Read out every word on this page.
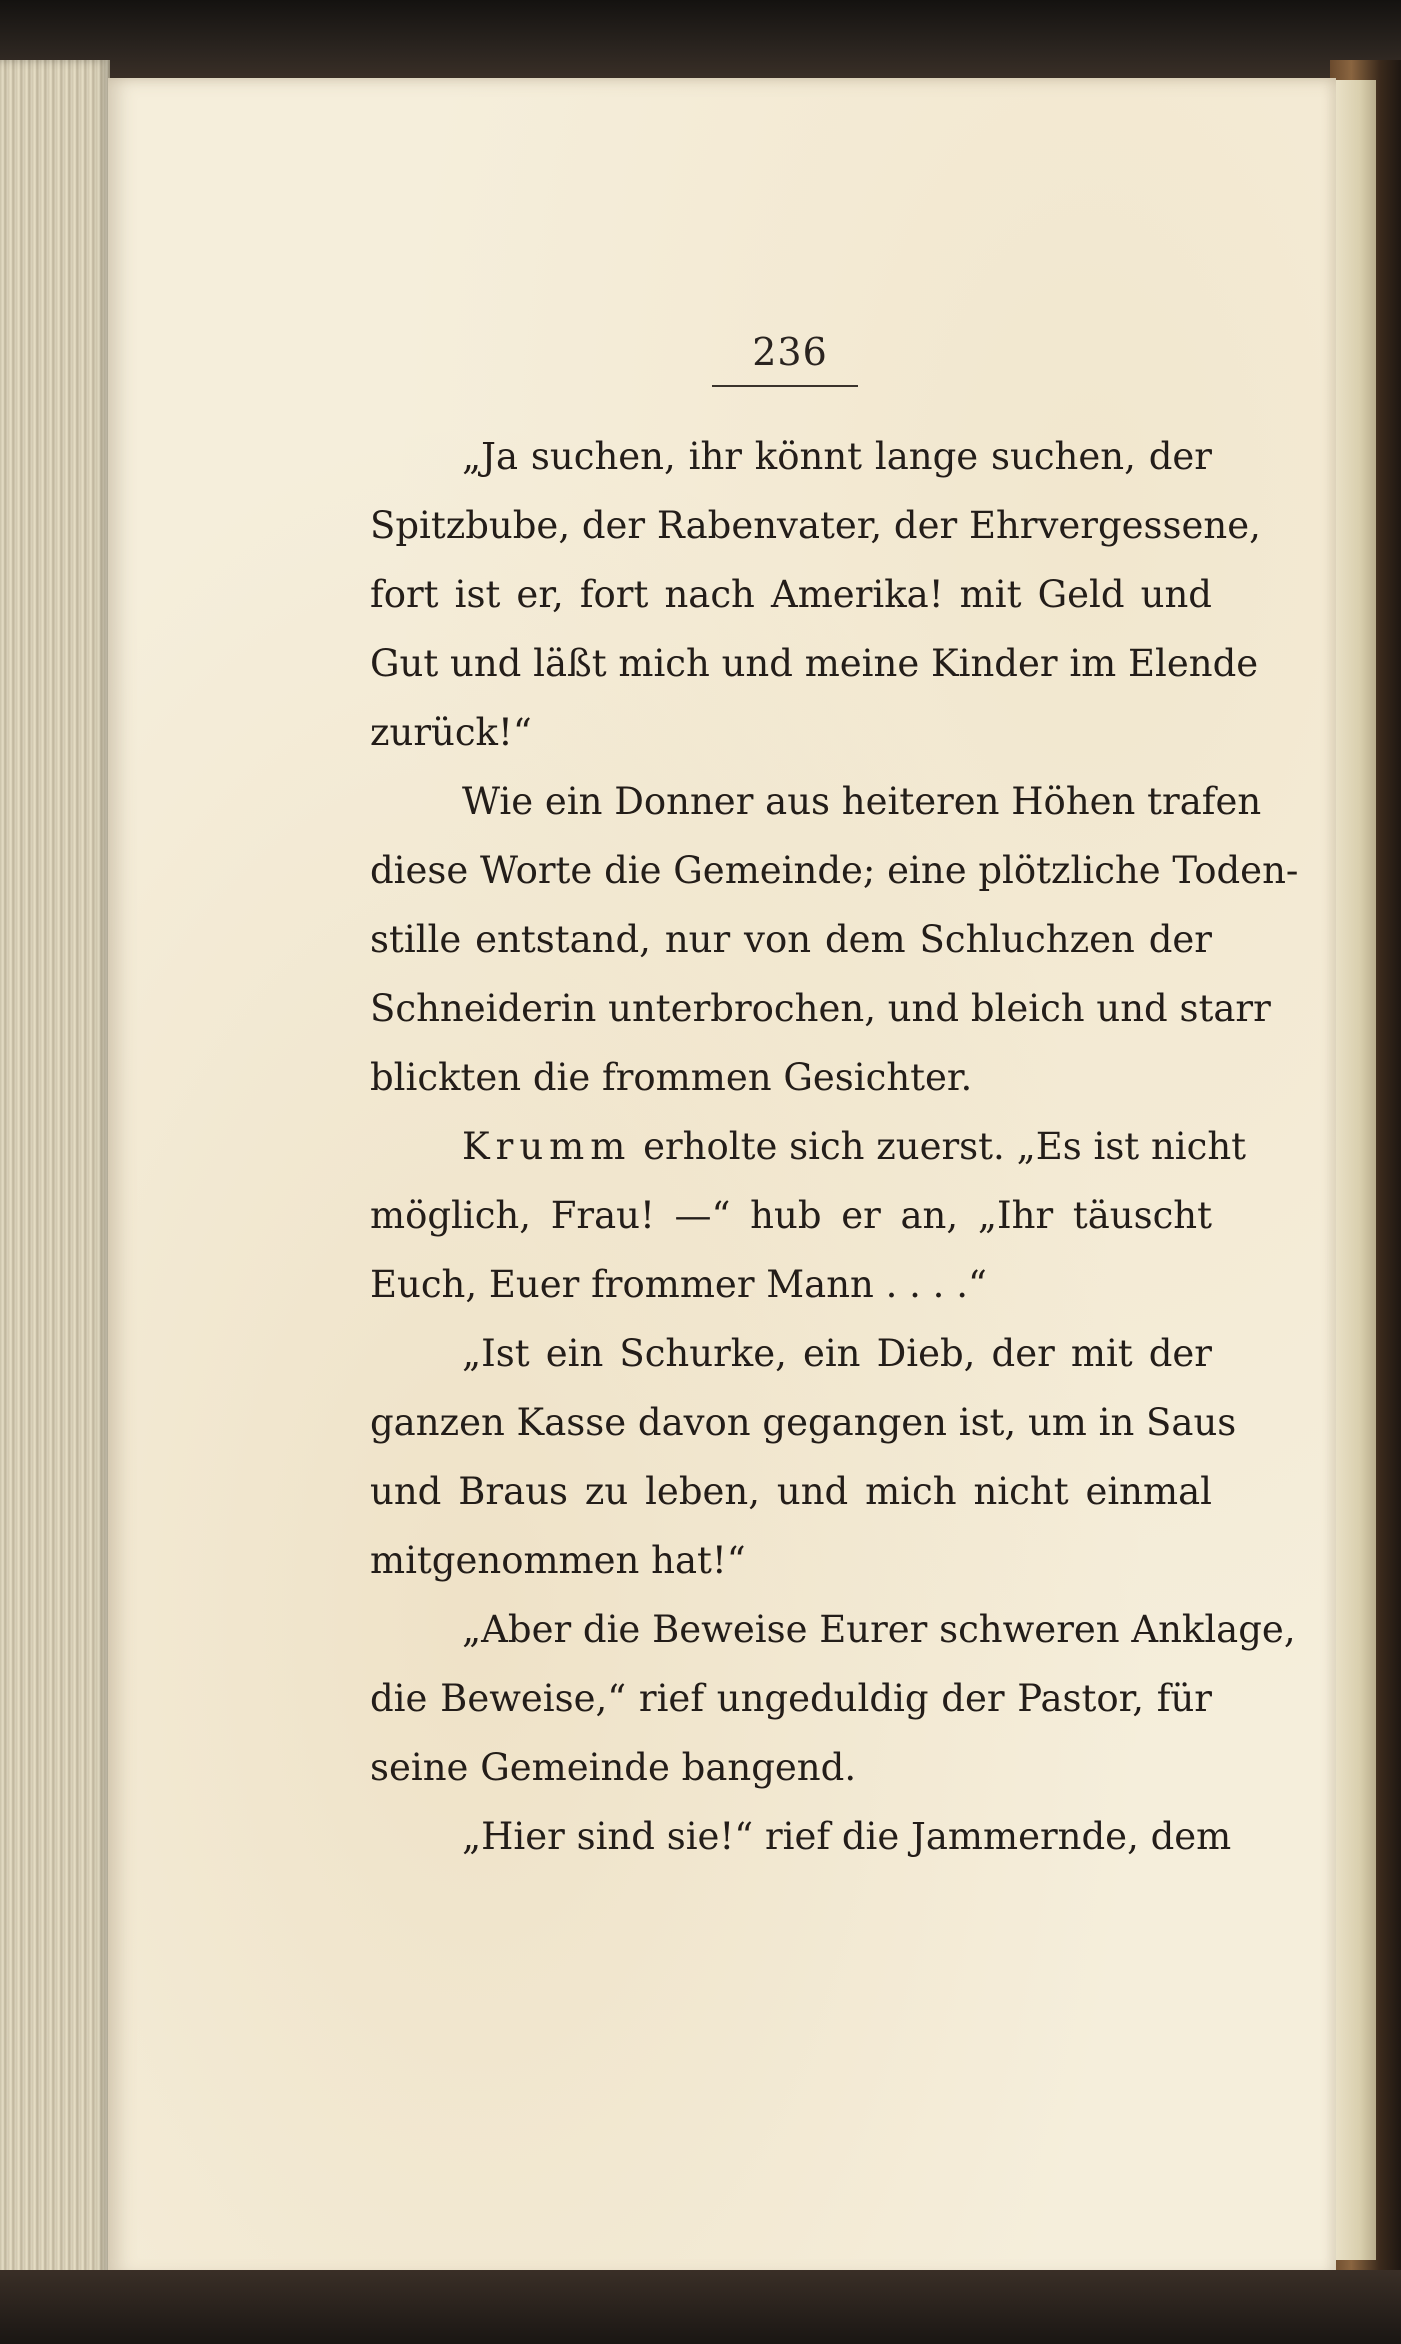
236
„Ja suchen, ihr könnt lange suchen, der
Spitzbube, der Rabenvater, der Ehrvergessene,
fort ist er, fort nach Amerika! mit Geld und
Gut und läßt mich und meine Kinder im Elende
zurück!“
Wie ein Donner aus heiteren Höhen trafen
diese Worte die Gemeinde; eine plötzliche Toden-
stille entstand, nur von dem Schluchzen der
Schneiderin unterbrochen, und bleich und starr
blickten die frommen Gesichter.
Krumm erholte sich zuerst. „Es ist nicht
möglich, Frau! —“ hub er an, „Ihr täuscht
Euch, Euer frommer Mann . . . .“
„Ist ein Schurke, ein Dieb, der mit der
ganzen Kasse davon gegangen ist, um in Saus
und Braus zu leben, und mich nicht einmal
mitgenommen hat!“
„Aber die Beweise Eurer schweren Anklage,
die Beweise,“ rief ungeduldig der Pastor, für
seine Gemeinde bangend.
„Hier sind sie!“ rief die Jammernde, dem
